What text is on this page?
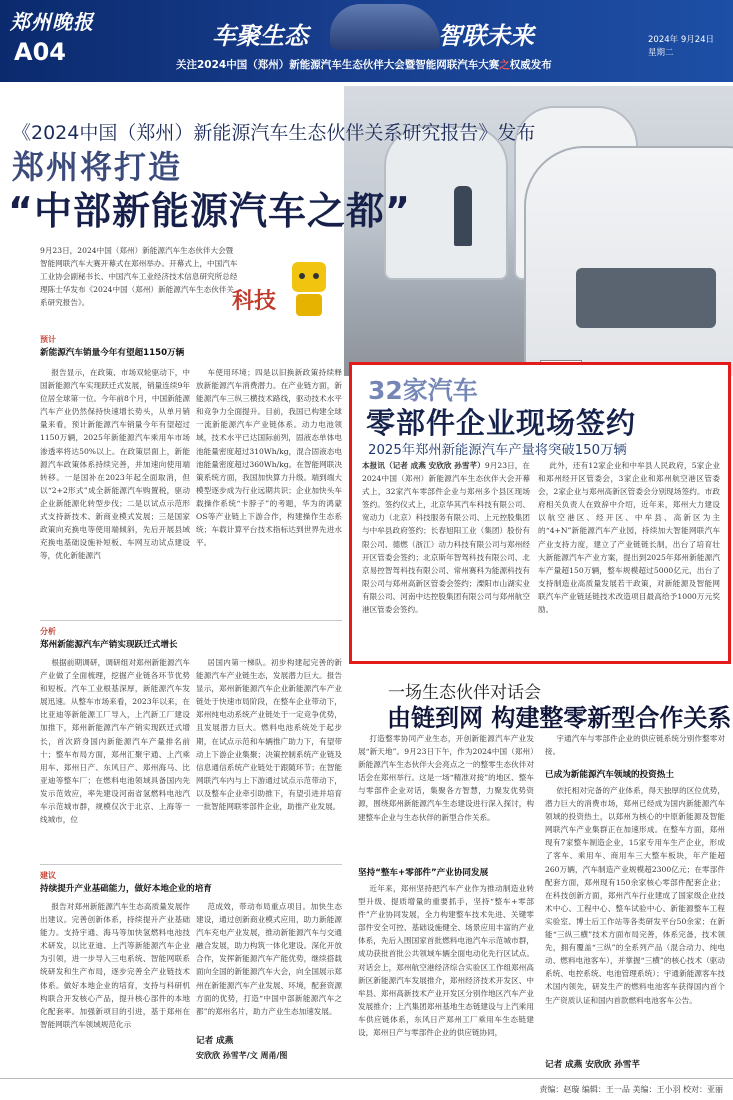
郑州晚报
A04
车聚生态	智联未来
关注2024中国（郑州）新能源汽车生态伙伴大会暨智能网联汽车大赛之权威发布
2024年 9月24日
星期二
《2024中国（郑州）新能源汽车生态伙伴关系研究报告》发布
郑州将打造
“中部新能源汽车之都”
9月23日，2024中国（郑州）新能源汽车生态伙伴大会暨智能网联汽车大赛开幕式在郑州举办。开幕式上，中国汽车工业协会副秘书长、中国汽车工业经济技术信息研究所总经理陈士华发布《2024中国（郑州）新能源汽车生态伙伴关系研究报告》。	科技
预计
新能源汽车销量今年有望超1150万辆
报告显示，在政策、市场双轮驱动下，中国新能源汽车实现跃迁式发展，销量连续9年位居全球第一位。今年前8个月，中国新能源汽车产业仍然保持快速增长势头，从单月销量来看，预计新能源汽车销量今年有望超过1150万辆，2025年新能源汽车乘用车市场渗透率将达50%以上。在政策层面上，新能源汽车政策体系持续完善，并加速向使用端转移。一是国补在2023年起全面取消，但以“2+2形式”成全新能源汽车购置税，驱动企业新能源化转型步伐；二是以试点示范形式支持新技术、新商业模式发展；三是国家政策向充换电等使用端倾斜，先后开展县域充换电基础设施补短板、车网互动试点建设等，优化新能源汽
车使用环境；四是以旧换新政策持续释放新能源汽车消费潜力。在产业链方面，新能源汽车三纵三横技术路线，驱动技术水平和竞争力全面提升。目前，我国已构建全球一流新能源汽车产业链体系。动力电池领域，技术水平已达国际前列，固液态单体电池能量密度超过310Wh/kg，混合固液态电池能量密度超过360Wh/kg。在智能网联决策系统方面，我国加快算力升级。端到端大模型逐步成为行业远期共识；企业加快头车载操作系统“卡脖子”的考题，华为的鸿蒙OS等产业链上下游合作，构建操作生态系统；车载计算平台技术指标达到世界先进水平。
分析
郑州新能源汽车产销实现跃迁式增长
根据前期调研，调研组对郑州新能源汽车产业做了全面梳理，挖掘产业链各环节优势和短板。汽车工业根基深厚，新能源汽车发展迅速。从整车市场来看，2023年以来，在比亚迪等新能源工厂导入，上汽新工厂建设加推下，郑州新能源汽车产销实现跃迁式增长，首次跻身国内新能源汽车产量排名前十；整车布局方面，郑州汇聚宇通、上汽乘用车、郑州日产、东风日产、郑州海马、比亚迪等整车厂；在燃料电池领域具备国内先发示范效应，率先建设河南省氢燃料电池汽车示范城市群，规模仅次于北京、上海等一线城市，位
居国内第一梯队。初步构建起完善的新能源汽车产业链生态，发展潜力巨大。报告显示，郑州新能源汽车企业新能源汽车产业链处于快速市局阶段，在整车企业带动下，郑州纯电动系统产业链处于一定竞争优势，且发展潜力巨大。燃料电池系统处于起步期，在试点示范和车辆推广助力下，有望带动上下游企业集聚；决策控制系统产业链及信息通信系统产业链处于跟随环节；在智能网联汽车内与上下游通过试点示范带动下，以及整车企业牵引助推下，有望引进并培育一批智能网联零部件企业，助推产业发展。
建议
持续提升产业基础能力，做好本地企业的培育
报告对郑州新能源汽车生态高质量发展作出建议。完善创新体系，持续提升产业基础能力。支持宇通、海马等加快氢燃料电池技术研发，以比亚迪、上汽等新能源汽车企业为引领，进一步导入三电系统、智能网联系统研发和生产布局，逐步完善全产业链技术体系。做好本地企业的培育，支持与科研机构联合开发核心产品，提升核心部件的本地化配套率。加强新项目的引进，基于郑州在智能网联汽车领域规范化示
范成效，带动布局重点项目。加快生态建设，通过创新商业模式应用，助力新能源汽车充电产业发展，推动新能源汽车与交通融合发展，助力构筑一体化建设。深化开放合作，发挥新能源汽车产能优势，继续搭载面向全国的新能源汽车大会，向全国展示郑州在新能源汽车产业发展、环境，配套资源方面的优势，打造“中国中部新能源汽车之都”的郑州名片，助力产业生态加速发展。
记者 成燕
安欣欣 孙雪芊/文 周甬/图
32家汽车
零部件企业现场签约
2025年郑州新能源汽车产量将突破150万辆
本报讯（记者 成燕 安欣欣 孙雪芊）9月23日，在2024中国（郑州）新能源汽车生态伙伴大会开幕式上，32家汽车零部件企业与郑州多个县区现场签约。签约仪式上，北京华其汽车科技有限公司、宽动力（北京）科技服务有限公司、上元控股集团与中牟县政府签约；长春旭阳工业（集团）股份有限公司、德燃（浙江）动力科技有限公司与郑州经开区管委会签约；北京斯年智驾科技有限公司、北京易控智驾科技有限公司、常州赛科为能源科技有限公司与郑州高新区管委会签约；溧阳市山湖实业有限公司、河南中达控股集团有限公司与郑州航空港区管委会签约。
此外，还有12家企业和中牟县人民政府，5家企业和郑州经开区管委会，3家企业和郑州航空港区管委会，2家企业与郑州高新区管委会分别现场签约。市政府相关负责人在致辞中介绍，近年来，郑州大力建设以航空港区、经开区、中牟县、高新区为主的“4+N”新能源汽车产业园，持续加大智能网联汽车产业支持力度，建立了产业链链长制，出台了培育壮大新能源汽车产业方案，提出到2025年郑州新能源汽车产量超150万辆，整车规模超过5000亿元，出台了支持制造业高质量发展若干政策，对新能源及智能网联汽车产业链延链技术改造项目最高给予1000万元奖励。
一场生态伙伴对话会
由链到网 构建整零新型合作关系
打造整零协同产业生态，开创新能源汽车产业发展“新天地”。9月23日下午，作为2024中国（郑州）新能源汽车生态伙伴大会亮点之一的整零生态伙伴对话会在郑州举行。这是一场“精准对接”的地区、整车与零部件企业对话，集聚各方智慧，力聚发优势资源，围绕郑州新能源汽车生态建设进行深入探讨，构建整车企业与生态伙伴的新型合作关系。
坚持“整车+零部件”产业协同发展
近年来，郑州坚持把汽车产业作为推动制造业转型升级、提质增量的重要抓手，坚持“整车+零部件”产业协同发展，全力构建整车技术先进、关键零部件安全可控、基础设施健全、场景应用丰富的产业体系，先后入围国家首批燃料电池汽车示范城市群，成功获批首批公共领域车辆全面电动化先行区试点。对话会上，郑州航空港经济综合实验区工作组郑州高新区新能源汽车发展推介，郑州经济技术开发区、中牟县、郑州高新技术产业开发区分别作地区汽车产业发展推介；上汽集团郑州基地生态链建设与上汽乘用车供应链体系，东风日产郑州工厂乘用车生态链建设，郑州日产与零部件企业的供应链协同，
宇通汽车与零部件企业的供应链系统分别作整零对接。
已成为新能源汽车领域的投资热土
依托相对完备的产业体系，得天独厚的区位优势，潜力巨大的消费市场，郑州已经成为国内新能源汽车领域的投资热土，以郑州为核心的中原新能源及智能网联汽车产业集群正在加速形成。在整车方面，郑州现有7家整车制造企业，15家专用车生产企业，形成了客车、乘用车、商用车三大整车板块，年产能超260万辆，汽车制造产业规模超2300亿元；在零部件配套方面，郑州现有150余家核心零部件配套企业；在科技创新方面，郑州汽车行业建成了国家级企业技术中心、工程中心、整车试验中心、新能源整车工程实验室、博士后工作站等各类研发平台50余家；在新能“三纵三横”技术方面布局完善，体系完备，技术领先，拥有覆盖“三纵”的全系列产品（混合动力、纯电动、燃料电池客车），并掌握“三横”的核心技术（驱动系统、电控系统、电池管理系统）；宇通新能源客车技术国内领先，研发生产的燃料电池客车获得国内首个生产资质认证和国内首款燃料电池客车公告。
记者 成燕 安欣欣 孙雪芊
责编：赵璇 编辑：王一品 美编：王小羽 校对：亚丽
